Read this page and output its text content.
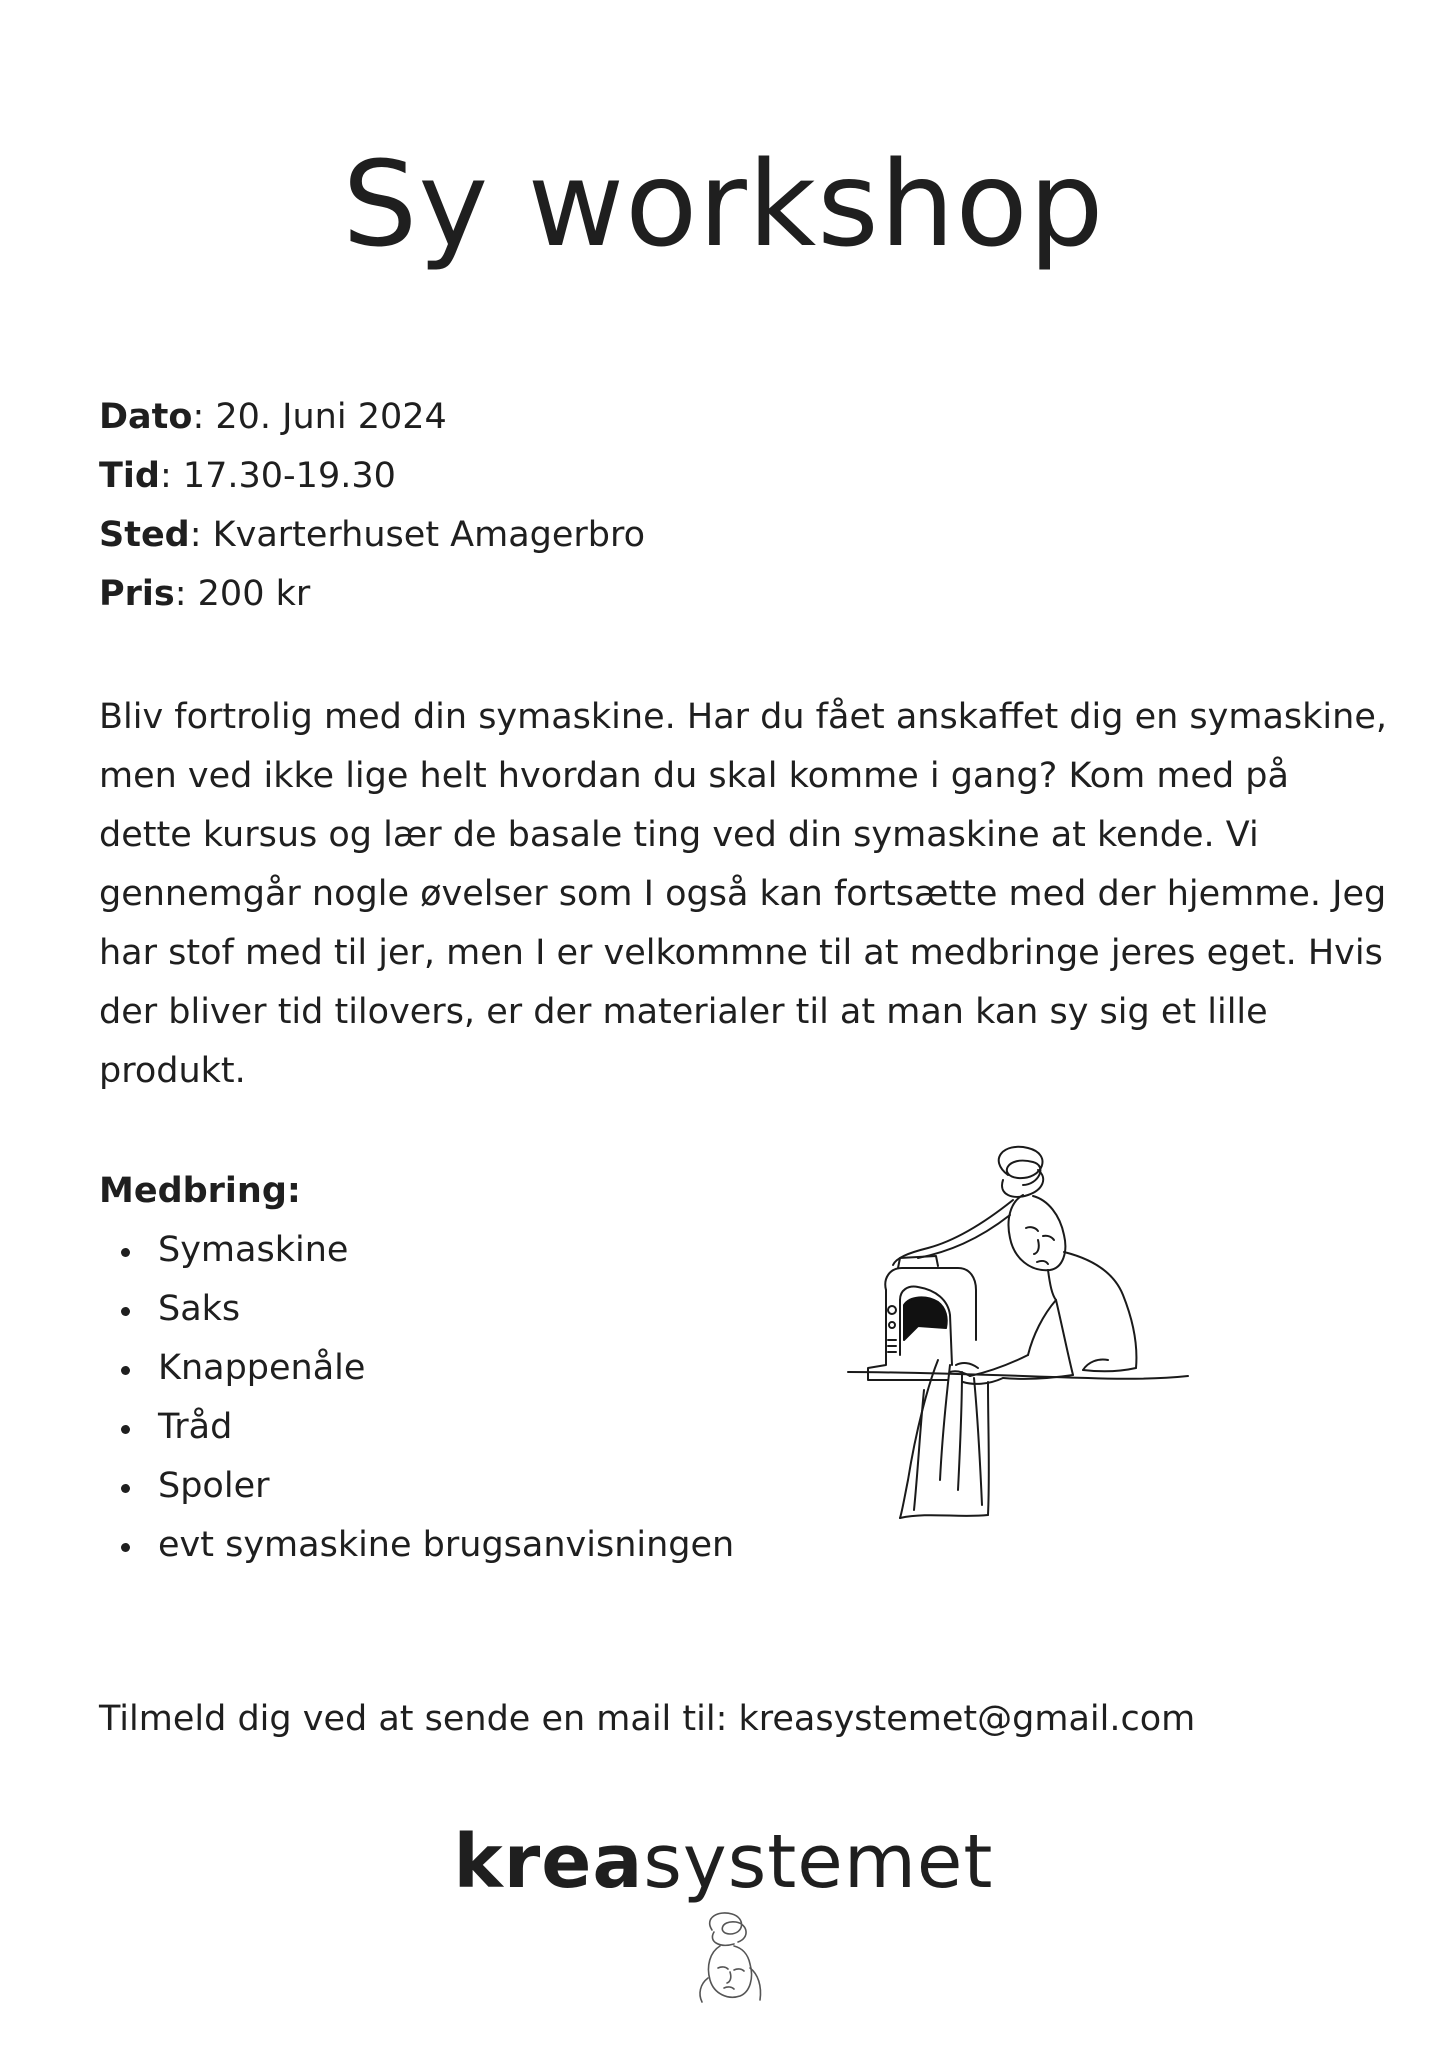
Sy workshop
Dato: 20. Juni 2024
Tid: 17.30-19.30
Sted: Kvarterhuset Amagerbro
Pris: 200 kr

Bliv fortrolig med din symaskine. Har du fået anskaffet dig en symaskine, men ved ikke lige helt hvordan du skal komme i gang? Kom med på dette kursus og lær de basale ting ved din symaskine at kende. Vi gennemgår nogle øvelser som I også kan fortsætte med der hjemme. Jeg har stof med til jer, men I er velkommne til at medbringe jeres eget. Hvis der bliver tid tilovers, er der materialer til at man kan sy sig et lille produkt.

Medbring:

Symaskine
Saks
Knappenåle
Tråd
Spoler
evt symaskine brugsanvisningen

Tilmeld dig ved at sende en mail til: kreasystemet@gmail.com

kreasystemet
